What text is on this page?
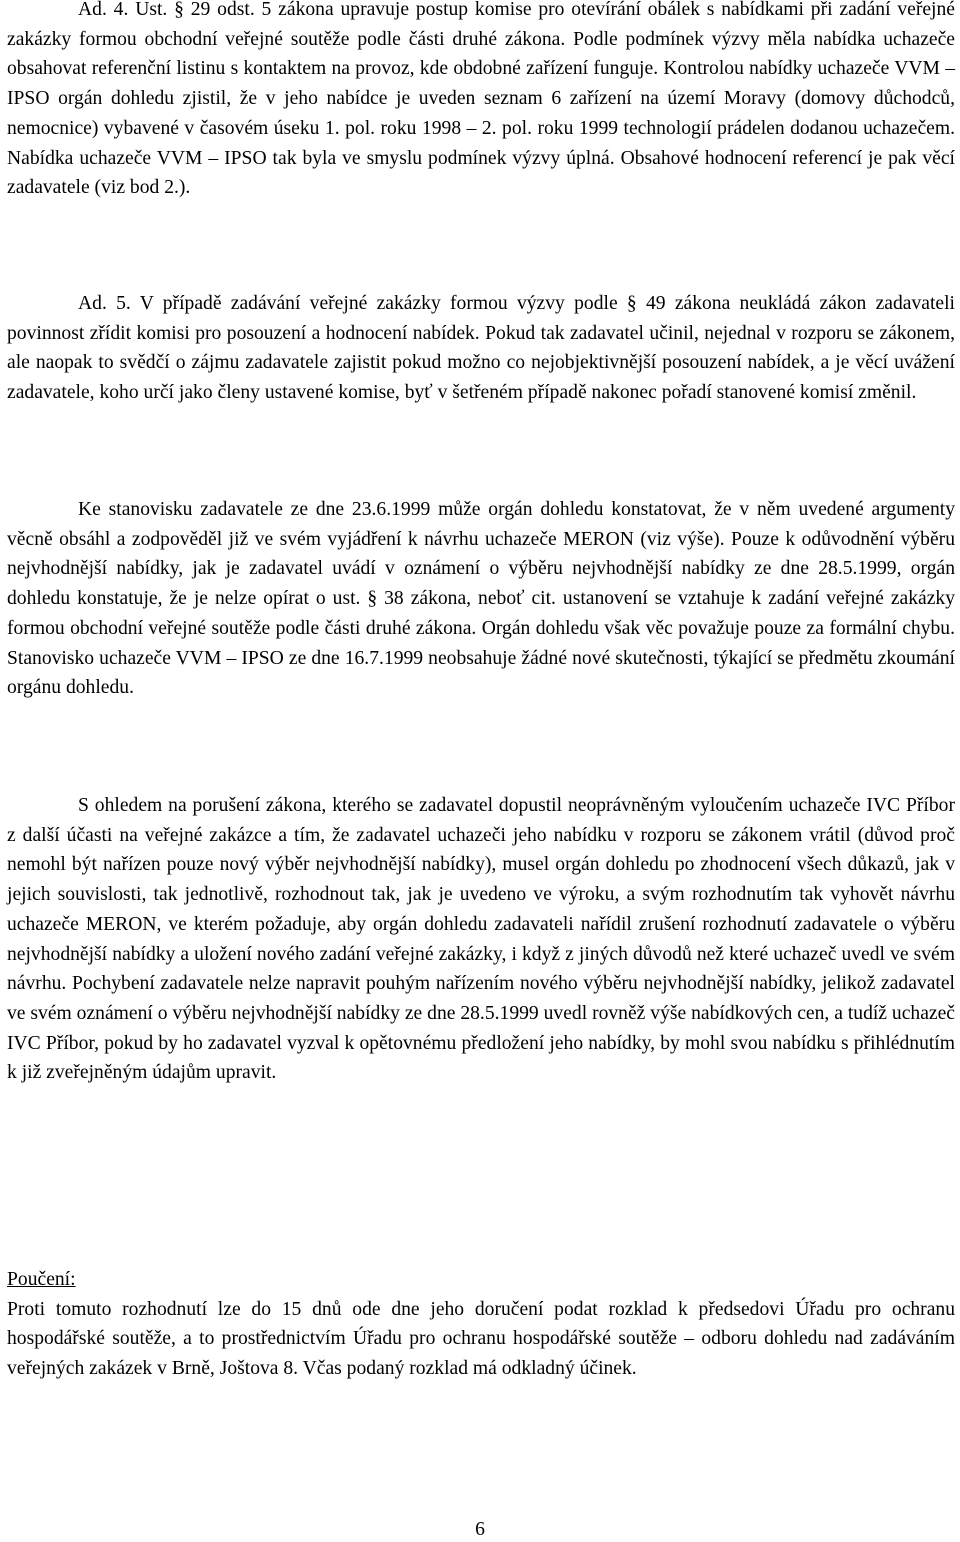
Ad. 4. Ust. § 29 odst. 5 zákona upravuje postup komise pro otevírání obálek s nabídkami při zadání veřejné zakázky formou obchodní veřejné soutěže podle části druhé zákona. Podle podmínek výzvy měla nabídka uchazeče obsahovat referenční listinu s kontaktem na provoz, kde obdobné zařízení funguje. Kontrolou nabídky uchazeče VVM – IPSO orgán dohledu zjistil, že v jeho nabídce je uveden seznam 6 zařízení na území Moravy (domovy důchodců, nemocnice) vybavené v časovém úseku 1. pol. roku 1998 – 2. pol. roku 1999 technologií prádelen dodanou uchazečem. Nabídka uchazeče VVM – IPSO tak byla ve smyslu podmínek výzvy úplná. Obsahové hodnocení referencí je pak věcí zadavatele (viz bod 2.).

Ad. 5. V případě zadávání veřejné zakázky formou výzvy podle § 49 zákona neukládá zákon zadavateli povinnost zřídit komisi pro posouzení a hodnocení nabídek. Pokud tak zadavatel učinil, nejednal v rozporu se zákonem, ale naopak to svědčí o zájmu zadavatele zajistit pokud možno co nejobjektivnější posouzení nabídek, a je věcí uvážení zadavatele, koho určí jako členy ustavené komise, byť v šetřeném případě nakonec pořadí stanovené komisí změnil.

Ke stanovisku zadavatele ze dne 23.6.1999 může orgán dohledu konstatovat, že v něm uvedené argumenty věcně obsáhl a zodpověděl již ve svém vyjádření k návrhu uchazeče MERON (viz výše). Pouze k odůvodnění výběru nejvhodnější nabídky, jak je zadavatel uvádí v oznámení o výběru nejvhodnější nabídky ze dne 28.5.1999, orgán dohledu konstatuje, že je nelze opírat o ust. § 38 zákona, neboť cit. ustanovení se vztahuje k zadání veřejné zakázky formou obchodní veřejné soutěže podle části druhé zákona. Orgán dohledu však věc považuje pouze za formální chybu. Stanovisko uchazeče VVM – IPSO ze dne 16.7.1999 neobsahuje žádné nové skutečnosti, týkající se předmětu zkoumání orgánu dohledu.

S ohledem na porušení zákona, kterého se zadavatel dopustil neoprávněným vyloučením uchazeče IVC Příbor z další účasti na veřejné zakázce a tím, že zadavatel uchazeči jeho nabídku v rozporu se zákonem vrátil (důvod proč nemohl být nařízen pouze nový výběr nejvhodnější nabídky), musel orgán dohledu po zhodnocení všech důkazů, jak v jejich souvislosti, tak jednotlivě, rozhodnout tak, jak je uvedeno ve výroku, a svým rozhodnutím tak vyhovět návrhu uchazeče MERON, ve kterém požaduje, aby orgán dohledu zadavateli nařídil zrušení rozhodnutí zadavatele o výběru nejvhodnější nabídky a uložení nového zadání veřejné zakázky, i když z jiných důvodů než které uchazeč uvedl ve svém návrhu. Pochybení zadavatele nelze napravit pouhým nařízením nového výběru nejvhodnější nabídky, jelikož zadavatel ve svém oznámení o výběru nejvhodnější nabídky ze dne 28.5.1999 uvedl rovněž výše nabídkových cen, a tudíž uchazeč IVC Příbor, pokud by ho zadavatel vyzval k opětovnému předložení jeho nabídky, by mohl svou nabídku s přihlédnutím k již zveřejněným údajům upravit.

Poučení:

Proti tomuto rozhodnutí lze do 15 dnů ode dne jeho doručení podat rozklad k předsedovi Úřadu pro ochranu hospodářské soutěže, a to prostřednictvím Úřadu pro ochranu hospodářské soutěže – odboru dohledu nad zadáváním veřejných zakázek v Brně, Joštova 8. Včas podaný rozklad má odkladný účinek.

6
